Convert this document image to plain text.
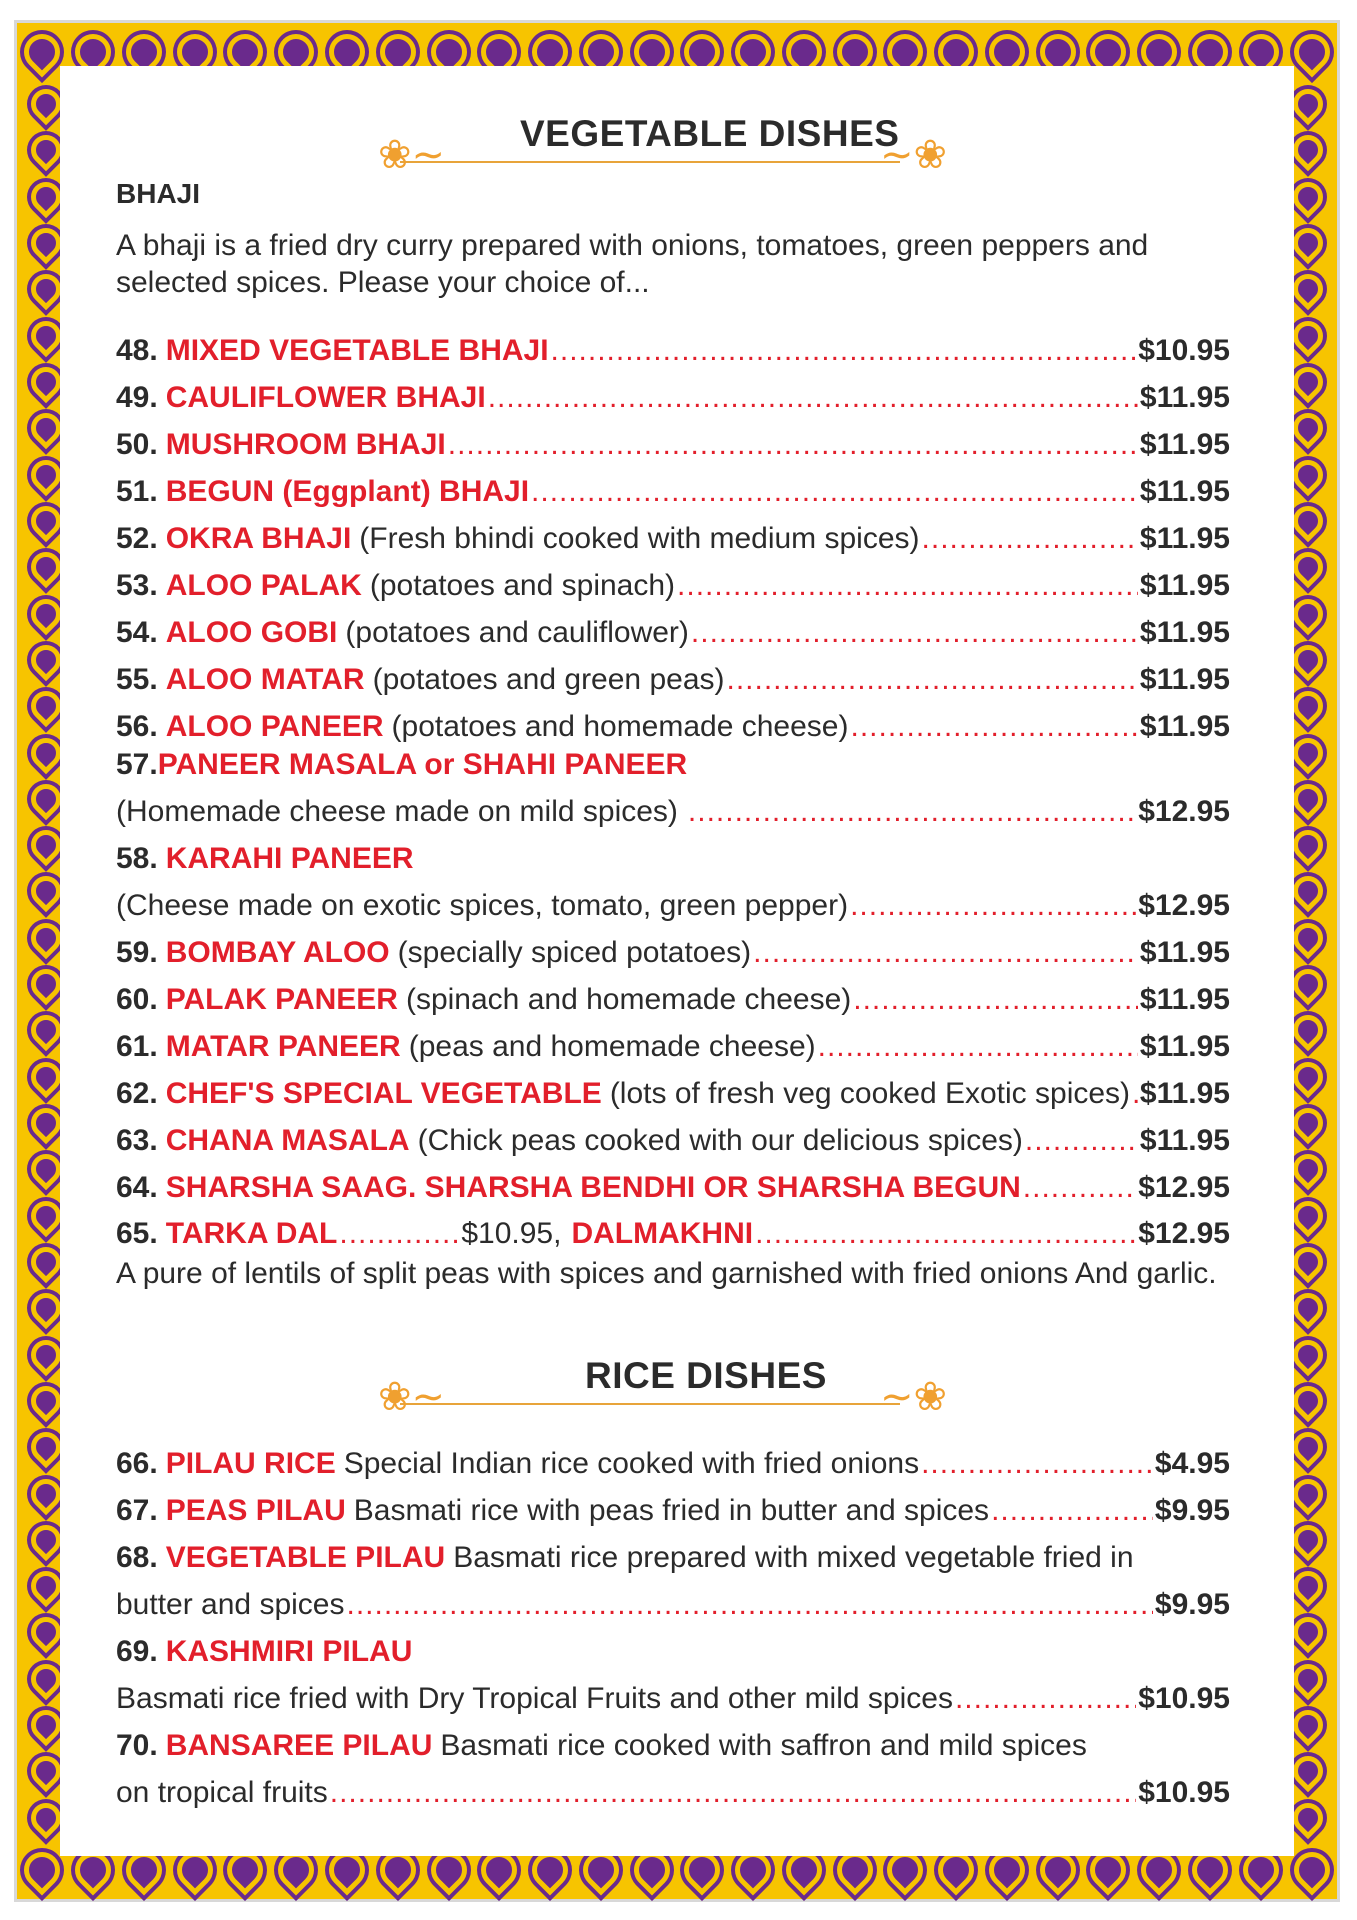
❀∼	∼❀
VEGETABLE DISHES
BHAJI
A bhaji is a fried dry curry prepared with onions, tomatoes, green peppers and selected spices. Please your choice of...
48. MIXED VEGETABLE BHAJI .....	$10.95
49. CAULIFLOWER BHAJI .....	$11.95
50. MUSHROOM BHAJI .....	$11.95
51. BEGUN (Eggplant) BHAJI .....	$11.95
52. OKRA BHAJI (Fresh bhindi cooked with medium spices) .....	$11.95
53. ALOO PALAK (potatoes and spinach) .....	$11.95
54. ALOO GOBI (potatoes and cauliflower) .....	$11.95
55. ALOO MATAR (potatoes and green peas) .....	$11.95
56. ALOO PANEER (potatoes and homemade cheese) .....	$11.95
57. PANEER MASALA or SHAHI PANEER
(Homemade cheese made on mild spices) .....	$12.95
58. KARAHI PANEER
(Cheese made on exotic spices, tomato, green pepper) .....	$12.95
59. BOMBAY ALOO (specially spiced potatoes) .....	$11.95
60. PALAK PANEER (spinach and homemade cheese) .....	$11.95
61. MATAR PANEER (peas and homemade cheese) .....	$11.95
62. CHEF'S SPECIAL VEGETABLE (lots of fresh veg cooked Exotic spices) ..... $11.95
63. CHANA MASALA (Chick peas cooked with our delicious spices) .....	$11.95
64. SHARSHA SAAG. SHARSHA BENDHI OR SHARSHA BEGUN .....	$12.95
65. TARKA DAL .....	$10.95, DALMAKHNI .....	$12.95
A pure of lentils of split peas with spices and garnished with fried onions And garlic.
❀∼	∼❀
RICE DISHES
66. PILAU RICE Special Indian rice cooked with fried onions .....	$4.95
67. PEAS PILAU Basmati rice with peas fried in butter and spices .....	$9.95
68. VEGETABLE PILAU Basmati rice prepared with mixed vegetable fried in
butter and spices .....	$9.95
69. KASHMIRI PILAU
Basmati rice fried with Dry Tropical Fruits and other mild spices .....	$10.95
70. BANSAREE PILAU Basmati rice cooked with saffron and mild spices
on tropical fruits .....	$10.95
